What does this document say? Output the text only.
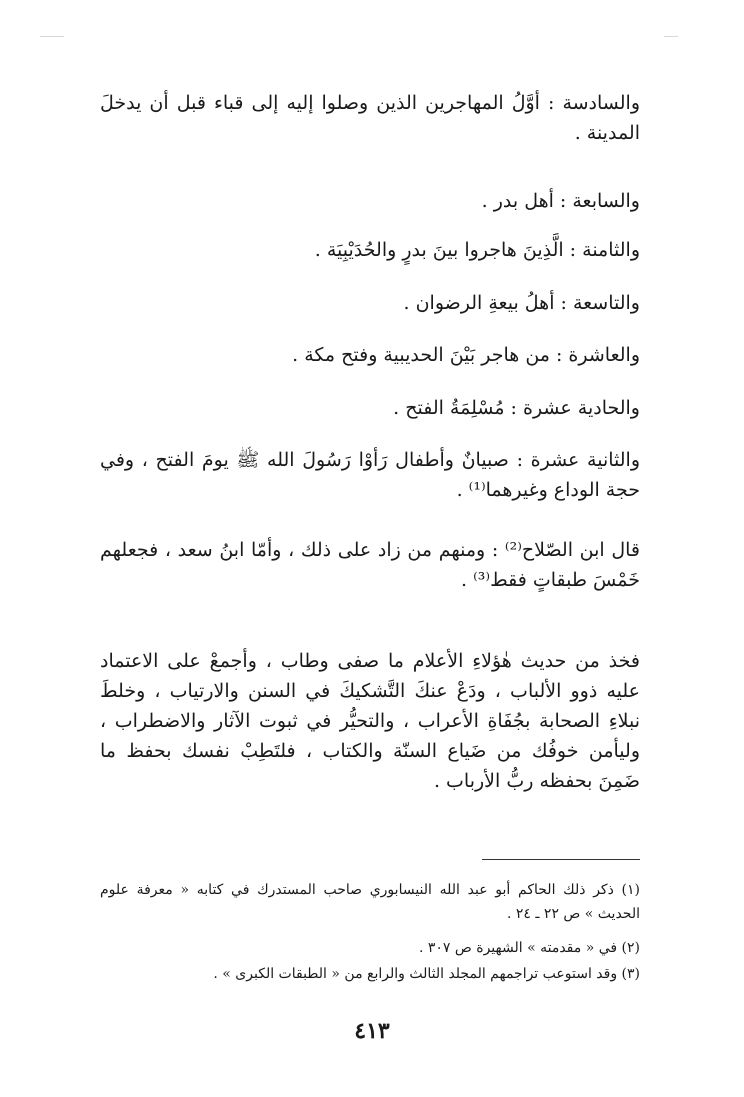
والسادسة : أوَّلُ المهاجرين الذين وصلوا إليه إلى قباء قبل أن يدخلَ المدينة .

والسابعة : أهل بدر .

والثامنة : الَّذِينَ هاجروا بينَ بدرٍ والحُدَيْبِيَة .

والتاسعة : أهلُ بيعةِ الرضوان .

والعاشرة : من هاجر بَيْنَ الحديبية وفتح مكة .

والحادية عشرة : مُسْلِمَةُ الفتح .

والثانية عشرة : صبيانٌ وأطفال رَأوْا رَسُولَ الله ﷺ يومَ الفتح ، وفي حجة الوداع وغيرهما⁽¹⁾ .

قال ابن الصّلاح⁽²⁾ : ومنهم من زاد على ذلك ، وأمّا ابنُ سعد ، فجعلهم خَمْسَ طبقاتٍ فقط⁽³⁾ .

فخذ من حديث هٰؤلاءِ الأعلام ما صفى وطاب ، وأجمعْ على الاعتماد عليه ذوو الألباب ، ودَعْ عنكَ التَّشكيكَ في السنن والارتياب ، وخلطَ نبلاءِ الصحابة بجُفَاةِ الأعراب ، والتحيُّر في ثبوت الآثار والاضطراب ، وليأمن خوفُك من ضَياع السنّة والكتاب ، فلتَطِبْ نفسك بحفظ ما ضَمِنَ بحفظه ربُّ الأرباب .

(١) ذكر ذلك الحاكم أبو عبد الله النيسابوري صاحب المستدرك في كتابه « معرفة علوم الحديث » ص ٢٢ ـ ٢٤ .

(٢) في « مقدمته » الشهيرة ص ٣٠٧ .

(٣) وقد استوعب تراجمهم المجلد الثالث والرابع من « الطبقات الكبرى » .

٤١٣
